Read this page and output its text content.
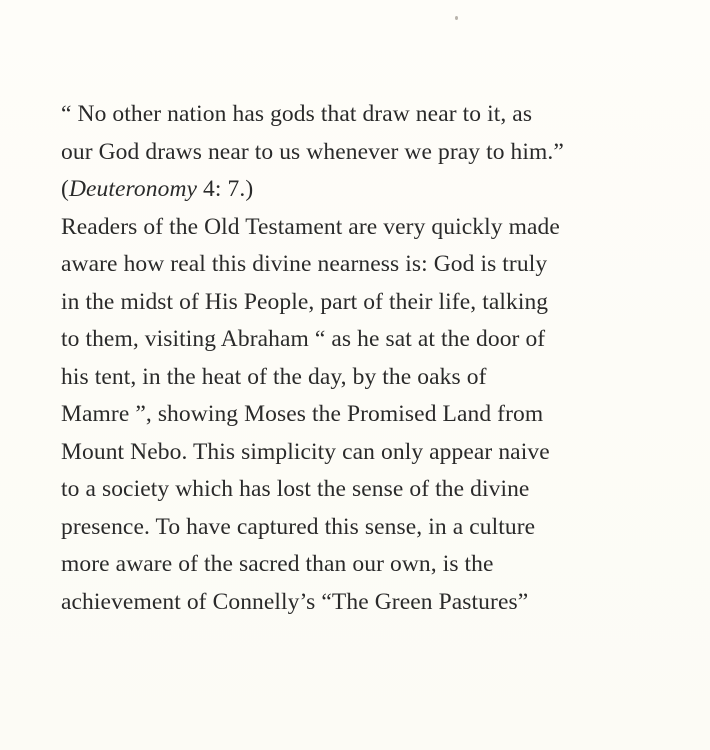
“ No other nation has gods that draw near to it, as
our God draws near to us whenever we pray to him.”
(Deuteronomy 4: 7.)
Readers of the Old Testament are very quickly made
aware how real this divine nearness is: God is truly
in the midst of His People, part of their life, talking
to them, visiting Abraham “ as he sat at the door of
his tent, in the heat of the day, by the oaks of
Mamre ”, showing Moses the Promised Land from
Mount Nebo. This simplicity can only appear naive
to a society which has lost the sense of the divine
presence. To have captured this sense, in a culture
more aware of the sacred than our own, is the
achievement of Connelly’s “The Green Pastures”
